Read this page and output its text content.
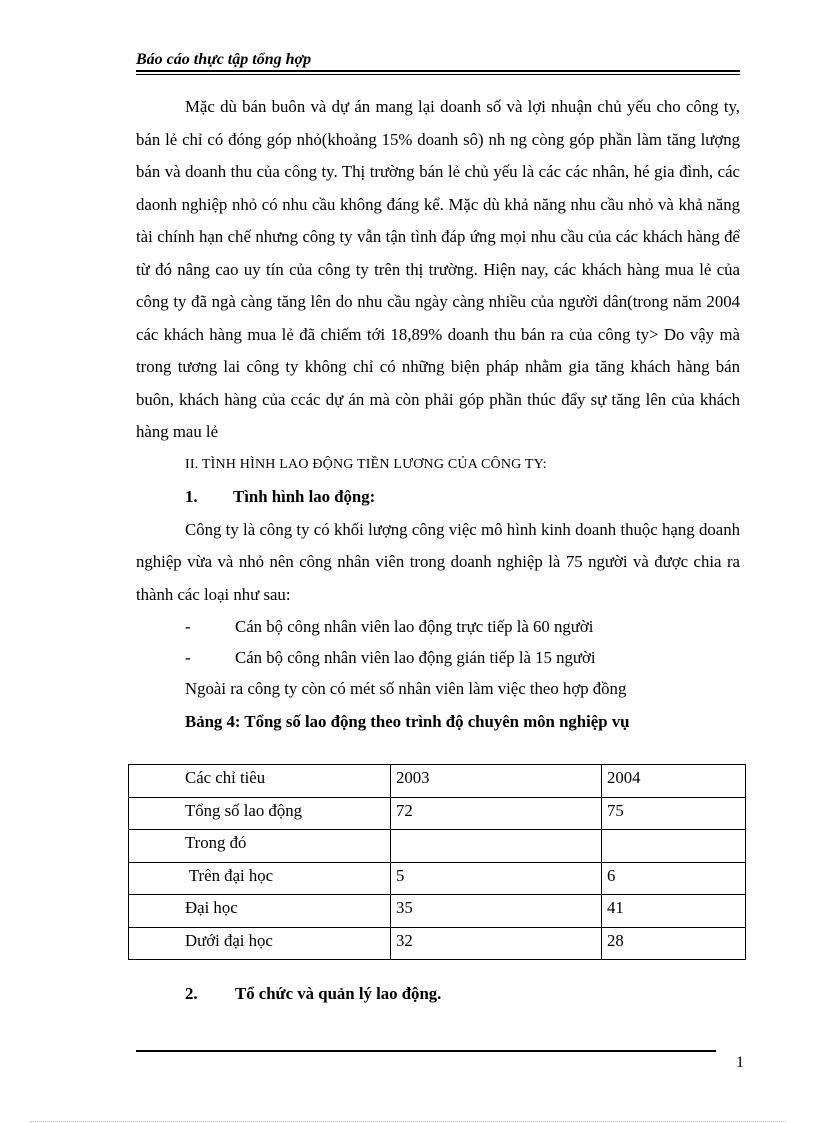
Báo cáo thực tập tổng hợp

Mặc dù bán buôn và dự án mang lại doanh số và lợi nhuận chủ yếu cho công ty, bán lẻ chỉ có đóng góp nhỏ(khoảng 15% doanh sô) nh ng còng góp phần làm tăng lượng bán và doanh thu của công ty. Thị trường bán lẻ chủ yếu là các các nhân, hé gia đình, các daonh nghiệp nhỏ có nhu cầu không đáng kể. Mặc dù khả năng nhu cầu nhỏ và khả năng tài chính hạn chế nhưng công ty vẫn tận tình đáp ứng mọi nhu cầu của các khách hàng để từ đó nâng cao uy tín của công ty trên thị trường. Hiện nay, các khách hàng mua lẻ của công ty đã ngà càng tăng lên do nhu cầu ngày càng nhiều của người dân(trong năm 2004 các khách hàng mua lẻ đã chiếm tới 18,89% doanh thu bán ra của công ty> Do vậy mà trong tương lai công ty không chỉ có những biện pháp nhằm gia tăng khách hàng bán buôn, khách hàng của ccác dự án mà còn phải góp phần thúc đẩy sự tăng lên của khách hàng mau lẻ

II. TÌNH HÌNH LAO ĐỘNG TIỀN LƯƠNG CỦA CÔNG TY:

1.	Tình hình lao động:

Công ty là công ty có khối lượng công việc mô hình kinh doanh thuộc hạng doanh nghiệp vừa và nhỏ nên công nhân viên trong doanh nghiệp là 75 người và được chia ra thành các loại như sau:

-	Cán bộ công nhân viên lao động trực tiếp là 60 người
-	Cán bộ công nhân viên lao động gián tiếp là 15 người

Ngoài ra công ty còn có mét số nhân viên làm việc theo hợp đồng

Bảng 4: Tổng số lao động theo trình độ chuyên môn nghiệp vụ

Các chỉ tiêu	2003	2004
Tổng số lao động	72	75
Trong đó		
Trên đại học	5	6
Đại học	35	41
Dưới đại học	32	28
2. Tổ chức và quản lý lao động.
1
